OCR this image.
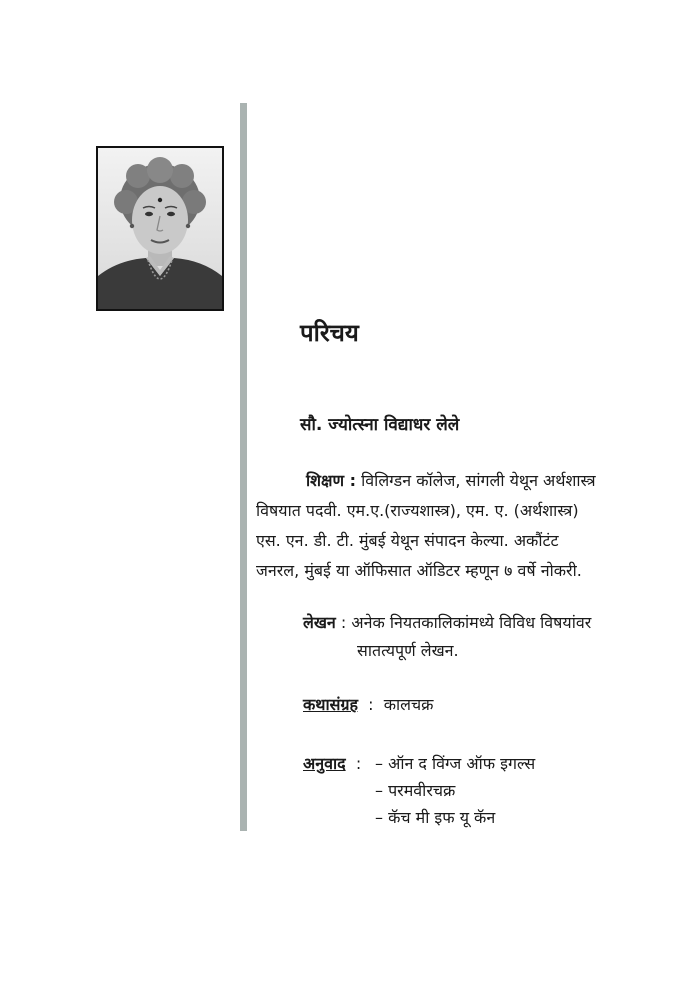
परिचय
सौ. ज्योत्स्ना विद्याधर लेले

शिक्षण : विलिग्डन कॉलेज, सांगली येथून अर्थशास्त्र
विषयात पदवी. एम.ए.(राज्यशास्त्र), एम. ए. (अर्थशास्त्र)
एस. एन. डी. टी. मुंबई येथून संपादन केल्या. अकौंटंट
जनरल, मुंबई या ऑफिसात ऑडिटर म्हणून ७ वर्षे नोकरी.

लेखन : अनेक नियतकालिकांमध्ये विविध विषयांवर
सातत्यपूर्ण लेखन.

कथासंग्रह : कालचक्र

अनुवाद : – ऑन द विंग्ज ऑफ इगल्स
– परमवीरचक्र
– कॅच मी इफ यू कॅन
